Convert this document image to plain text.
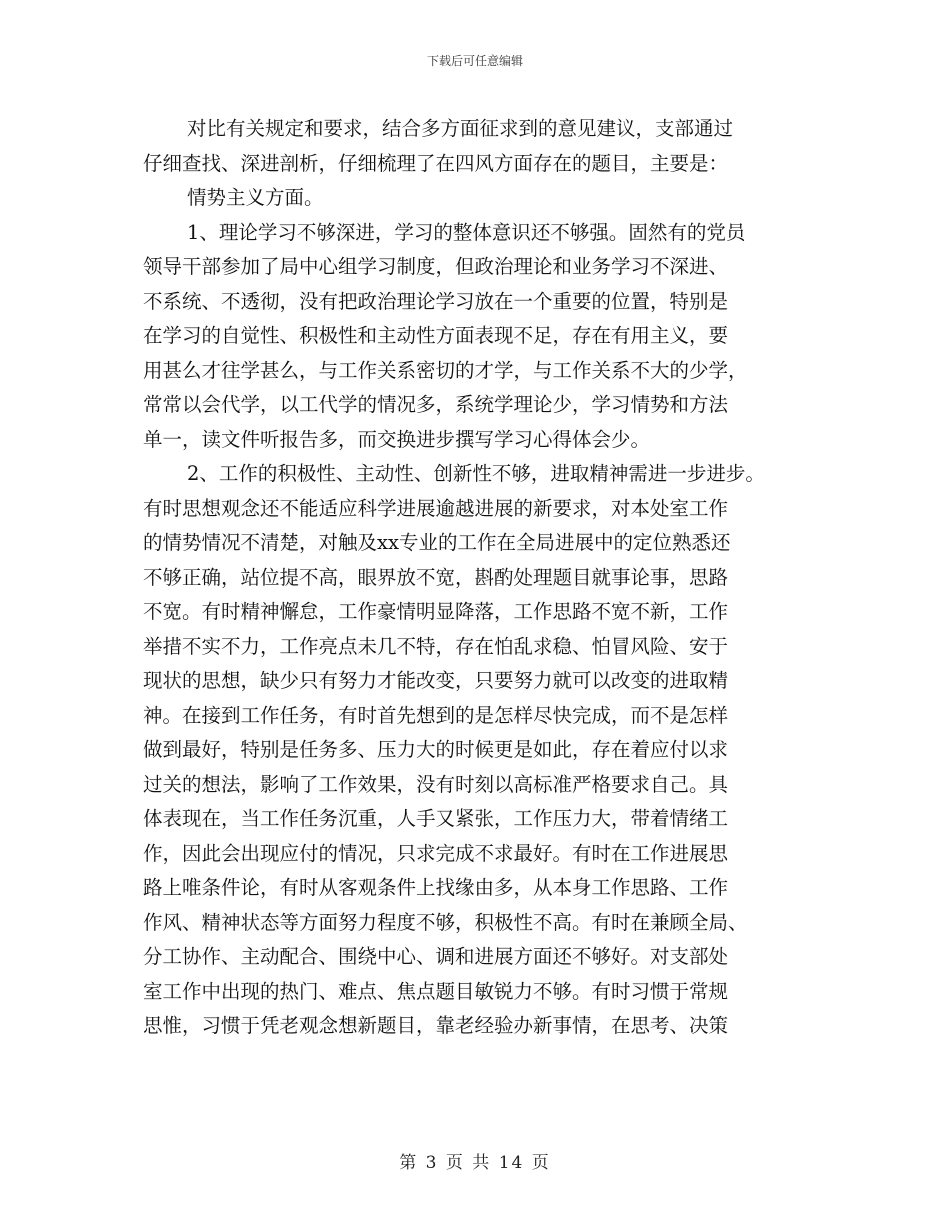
下载后可任意编辑
对比有关规定和要求，结合多方面征求到的意见建议，支部通过
仔细查找、深进剖析，仔细梳理了在四风方面存在的题目，主要是：
情势主义方面。
1、理论学习不够深进，学习的整体意识还不够强。固然有的党员
领导干部参加了局中心组学习制度，但政治理论和业务学习不深进、
不系统、不透彻，没有把政治理论学习放在一个重要的位置，特别是
在学习的自觉性、积极性和主动性方面表现不足，存在有用主义，要
用甚么才往学甚么，与工作关系密切的才学，与工作关系不大的少学，
常常以会代学，以工代学的情况多，系统学理论少，学习情势和方法
单一，读文件听报告多，而交换进步撰写学习心得体会少。
2、工作的积极性、主动性、创新性不够，进取精神需进一步进步。
有时思想观念还不能适应科学进展逾越进展的新要求，对本处室工作
的情势情况不清楚，对触及xx专业的工作在全局进展中的定位熟悉还
不够正确，站位提不高，眼界放不宽，斟酌处理题目就事论事，思路
不宽。有时精神懈怠，工作豪情明显降落，工作思路不宽不新，工作
举措不实不力，工作亮点未几不特，存在怕乱求稳、怕冒风险、安于
现状的思想，缺少只有努力才能改变，只要努力就可以改变的进取精
神。在接到工作任务，有时首先想到的是怎样尽快完成，而不是怎样
做到最好，特别是任务多、压力大的时候更是如此，存在着应付以求
过关的想法，影响了工作效果，没有时刻以高标准严格要求自己。具
体表现在，当工作任务沉重，人手又紧张，工作压力大，带着情绪工
作，因此会出现应付的情况，只求完成不求最好。有时在工作进展思
路上唯条件论，有时从客观条件上找缘由多，从本身工作思路、工作
作风、精神状态等方面努力程度不够，积极性不高。有时在兼顾全局、
分工协作、主动配合、围绕中心、调和进展方面还不够好。对支部处
室工作中出现的热门、难点、焦点题目敏锐力不够。有时习惯于常规
思惟，习惯于凭老观念想新题目，靠老经验办新事情，在思考、决策
第 3 页 共 14 页
